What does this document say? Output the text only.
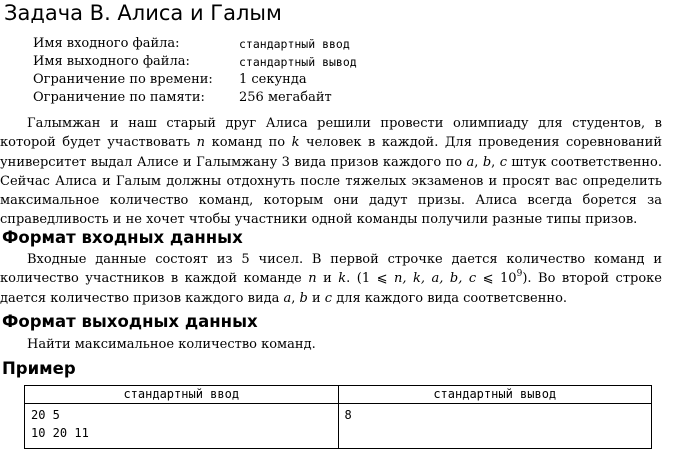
Задача B. Алиса и Галым
Имя входного файла:	стандартный ввод
Имя выходного файла:	стандартный вывод
Ограничение по времени: 1 секунда
Ограничение по памяти:	256 мегабайт

Галымжан и наш старый друг Алиса решили провести олимпиаду для студентов, в которой будет участвовать n команд по k человек в каждой. Для проведения соревнований университет выдал Алисе и Галымжану 3 вида призов каждого по a, b, c штук соответственно. Сейчас Алиса и Галым должны отдохнуть после тяжелых экзаменов и просят вас определить максимальное количество команд, которым они дадут призы. Алиса всегда борется за справедливость и не хочет чтобы участники одной команды получили разные типы призов.

Формат входных данных

Входные данные состоят из 5 чисел. В первой строчке дается количество команд и количество участников в каждой команде n и k. (1 ⩽ n, k, a, b, c ⩽ $10^9$). Во второй строке дается количество призов каждого вида a, b и c для каждого вида соответсвенно.

Формат выходных данных

Найти максимальное количество команд.

Пример
стандартный ввод	стандартный вывод
20 5
10 20 11	8
